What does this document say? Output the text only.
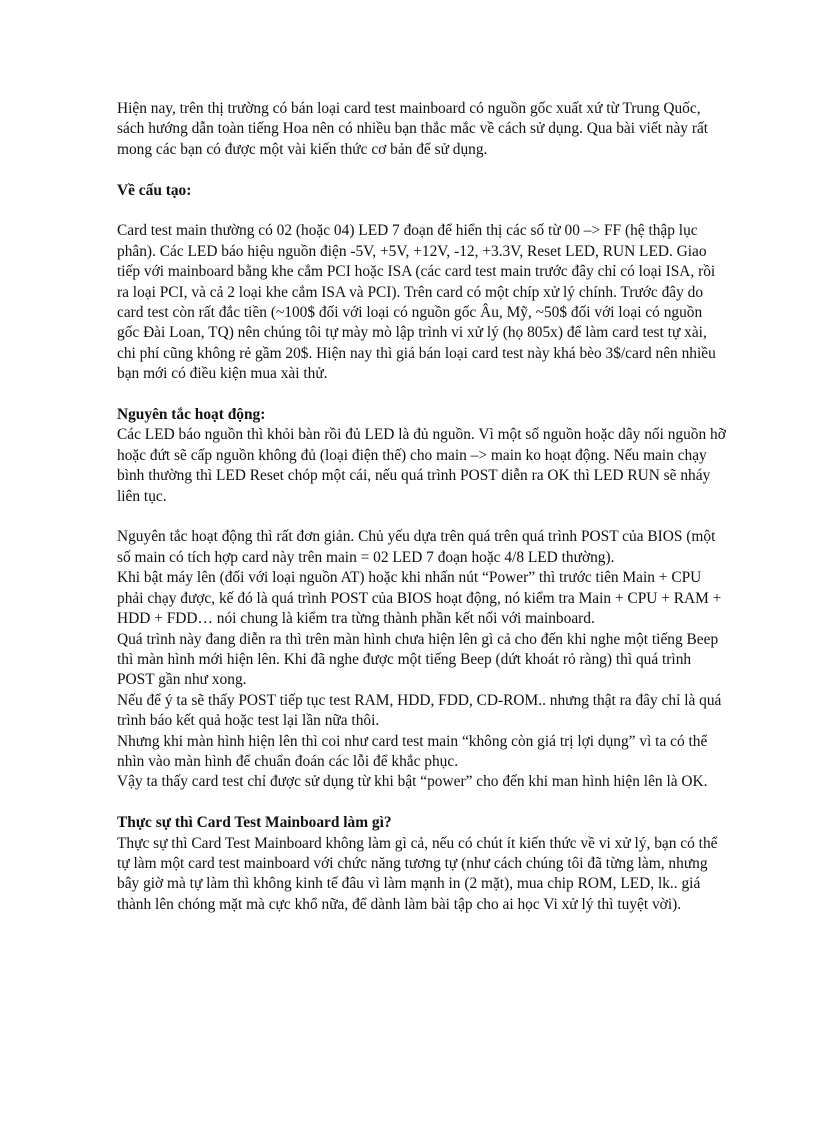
Hiện nay, trên thị trường có bán loại card test mainboard có nguồn gốc xuất xứ từ Trung Quốc, sách hướng dẫn toàn tiếng Hoa nên có nhiều bạn thắc mắc về cách sử dụng. Qua bài viết này rất mong các bạn có được một vài kiến thức cơ bản để sử dụng.

Về cấu tạo:

Card test main thường có 02 (hoặc 04) LED 7 đoạn để hiển thị các số từ 00 –> FF (hệ thập lục phân). Các LED báo hiệu nguồn điện -5V, +5V, +12V, -12, +3.3V, Reset LED, RUN LED. Giao tiếp với mainboard bằng khe cắm PCI hoặc ISA (các card test main trước đây chỉ có loại ISA, rồi ra loại PCI, và cả 2 loại khe cắm ISA và PCI). Trên card có một chíp xử lý chính. Trước đây do card test còn rất đắc tiền (~100$ đối với loại có nguồn gốc Âu, Mỹ, ~50$ đối với loại có nguồn gốc Đài Loan, TQ) nên chúng tôi tự mày mò lập trình vi xử lý (họ 805x) để làm card test tự xài, chi phí cũng không rẻ gầm 20$. Hiện nay thì giá bán loại card test này khá bèo 3$/card nên nhiều bạn mới có điều kiện mua xài thử.

Nguyên tắc hoạt động:

Các LED báo nguồn thì khỏi bàn rồi đủ LED là đủ nguồn. Vì một số nguồn hoặc dây nối nguồn hỡ hoặc đứt sẽ cấp nguồn không đủ (loại điện thế) cho main –> main ko hoạt động. Nếu main chạy bình thường thì LED Reset chóp một cái, nếu quá trình POST diễn ra OK thì LED RUN sẽ nháy liên tục.

Nguyên tắc hoạt động thì rất đơn giản. Chủ yếu dựa trên quá trên quá trình POST của BIOS (một số main có tích hợp card này trên main = 02 LED 7 đoạn hoặc 4/8 LED thường).

Khi bật máy lên (đối với loại nguồn AT) hoặc khi nhấn nút “Power” thì trước tiên Main + CPU phải chạy được, kế đó là quá trình POST của BIOS hoạt động, nó kiểm tra Main + CPU + RAM + HDD + FDD… nói chung là kiểm tra từng thành phần kết nối với mainboard.

Quá trình này đang diễn ra thì trên màn hình chưa hiện lên gì cả cho đến khi nghe một tiếng Beep thì màn hình mới hiện lên. Khi đã nghe được một tiếng Beep (dứt khoát rỏ ràng) thì quá trình POST gần như xong.

Nếu để ý ta sẽ thấy POST tiếp tục test RAM, HDD, FDD, CD-ROM.. nhưng thật ra đây chỉ là quá trình báo kết quả hoặc test lại lần nữa thôi.

Nhưng khi màn hình hiện lên thì coi như card test main “không còn giá trị lợi dụng” vì ta có thể nhìn vào màn hình để chuẩn đoán các lỗi để khắc phục.

Vậy ta thấy card test chỉ được sử dụng từ khi bật “power” cho đến khi man hình hiện lên là OK.

Thực sự thì Card Test Mainboard làm gì?

Thực sự thì Card Test Mainboard không làm gì cả, nếu có chút ít kiến thức về vi xử lý, bạn có thể tự làm một card test mainboard với chức năng tương tự (như cách chúng tôi đã từng làm, nhưng bây giờ mà tự làm thì không kinh tế đâu vì làm mạnh in (2 mặt), mua chip ROM, LED, lk.. giá thành lên chóng mặt mà cực khổ nữa, để dành làm bài tập cho ai học Vi xử lý thì tuyệt vời).
